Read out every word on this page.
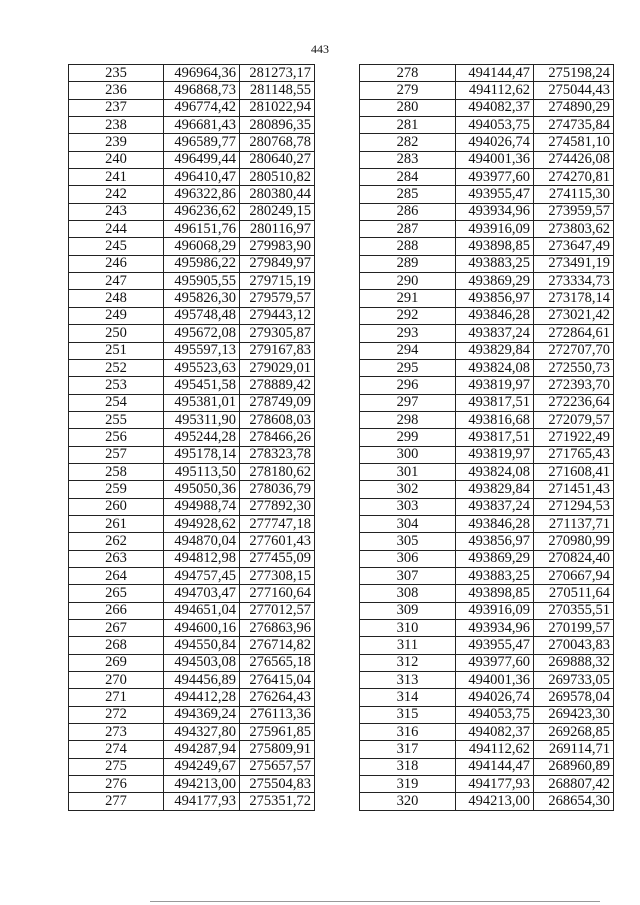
443
235	496964,36	281273,17
236	496868,73	281148,55
237	496774,42	281022,94
238	496681,43	280896,35
239	496589,77	280768,78
240	496499,44	280640,27
241	496410,47	280510,82
242	496322,86	280380,44
243	496236,62	280249,15
244	496151,76	280116,97
245	496068,29	279983,90
246	495986,22	279849,97
247	495905,55	279715,19
248	495826,30	279579,57
249	495748,48	279443,12
250	495672,08	279305,87
251	495597,13	279167,83
252	495523,63	279029,01
253	495451,58	278889,42
254	495381,01	278749,09
255	495311,90	278608,03
256	495244,28	278466,26
257	495178,14	278323,78
258	495113,50	278180,62
259	495050,36	278036,79
260	494988,74	277892,30
261	494928,62	277747,18
262	494870,04	277601,43
263	494812,98	277455,09
264	494757,45	277308,15
265	494703,47	277160,64
266	494651,04	277012,57
267	494600,16	276863,96
268	494550,84	276714,82
269	494503,08	276565,18
270	494456,89	276415,04
271	494412,28	276264,43
272	494369,24	276113,36
273	494327,80	275961,85
274	494287,94	275809,91
275	494249,67	275657,57
276	494213,00	275504,83
277	494177,93	275351,72
278	494144,47	275198,24
279	494112,62	275044,43
280	494082,37	274890,29
281	494053,75	274735,84
282	494026,74	274581,10
283	494001,36	274426,08
284	493977,60	274270,81
285	493955,47	274115,30
286	493934,96	273959,57
287	493916,09	273803,62
288	493898,85	273647,49
289	493883,25	273491,19
290	493869,29	273334,73
291	493856,97	273178,14
292	493846,28	273021,42
293	493837,24	272864,61
294	493829,84	272707,70
295	493824,08	272550,73
296	493819,97	272393,70
297	493817,51	272236,64
298	493816,68	272079,57
299	493817,51	271922,49
300	493819,97	271765,43
301	493824,08	271608,41
302	493829,84	271451,43
303	493837,24	271294,53
304	493846,28	271137,71
305	493856,97	270980,99
306	493869,29	270824,40
307	493883,25	270667,94
308	493898,85	270511,64
309	493916,09	270355,51
310	493934,96	270199,57
311	493955,47	270043,83
312	493977,60	269888,32
313	494001,36	269733,05
314	494026,74	269578,04
315	494053,75	269423,30
316	494082,37	269268,85
317	494112,62	269114,71
318	494144,47	268960,89
319	494177,93	268807,42
320	494213,00	268654,30
